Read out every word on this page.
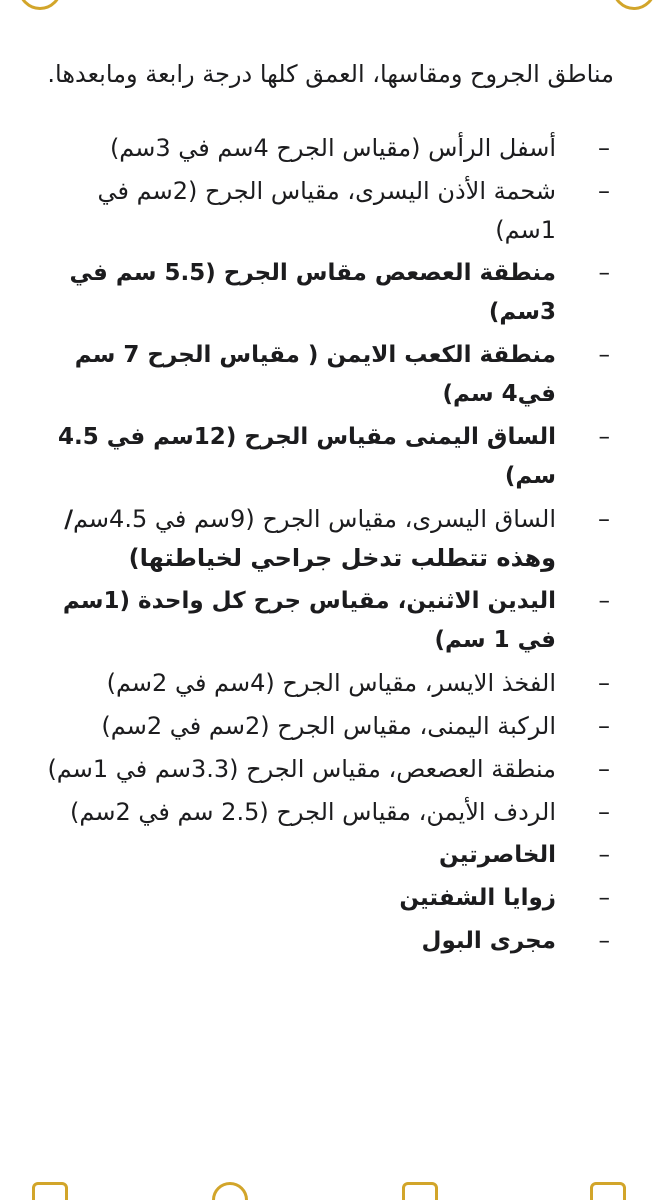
مناطق الجروح ومقاسها، العمق كلها درجة رابعة ومابعدها.

–
أسفل الرأس (مقياس الجرح 4سم في 3سم)
–
شحمة الأذن اليسرى، مقياس الجرح (2سم في 1سم)
–
منطقة العصعص مقاس الجرح (5.5 سم في 3سم)
–
منطقة الكعب الايمن ( مقياس الجرح 7 سم في4 سم)
–
الساق اليمنى مقياس الجرح (12سم في 4.5 سم)
–
الساق اليسرى، مقياس الجرح (9سم في 4.5سم/ وهذه تتطلب تدخل جراحي لخياطتها)
–
اليدين الاثنين، مقياس جرح كل واحدة (1سم في 1 سم)
–
الفخذ الايسر، مقياس الجرح (4سم في 2سم)
–
الركبة اليمنى، مقياس الجرح (2سم في 2سم)
–
منطقة العصعص، مقياس الجرح (3.3سم في 1سم)
–
الردف الأيمن، مقياس الجرح (2.5 سم في 2سم)
–
الخاصرتين
–
زوايا الشفتين
–
مجرى البول
